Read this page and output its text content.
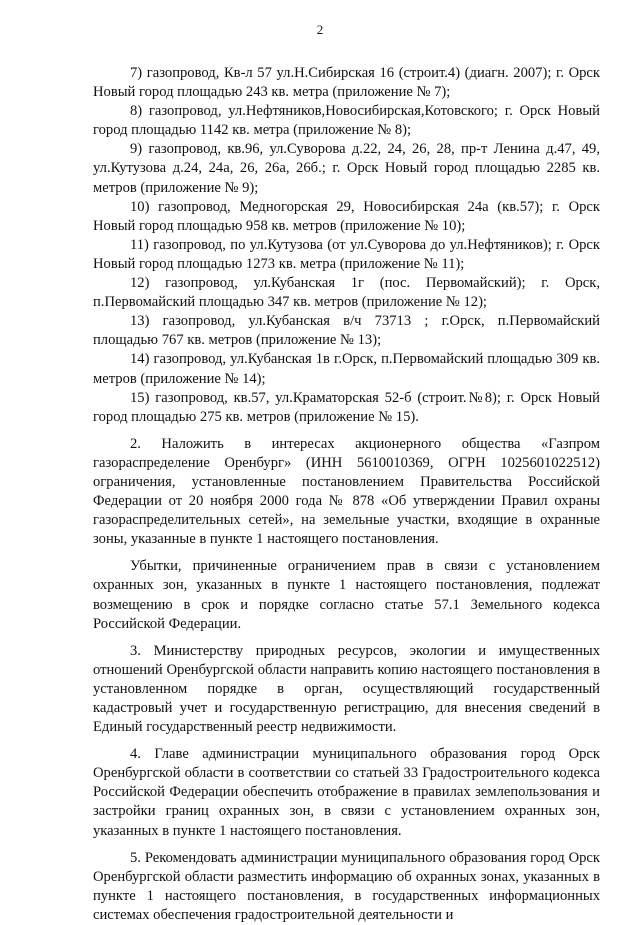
2

7) газопровод, Кв-л 57 ул.Н.Сибирская 16 (строит.4) (диагн. 2007); г. Орск Новый город площадью 243 кв. метра (приложение № 7);

8) газопровод, ул.Нефтяников,Новосибирская,Котовского; г. Орск Новый город площадью 1142 кв. метра (приложение № 8);

9) газопровод, кв.96, ул.Суворова д.22, 24, 26, 28, пр-т Ленина д.47, 49, ул.Кутузова д.24, 24а, 26, 26а, 26б.; г. Орск Новый город площадью 2285 кв. метров (приложение № 9);

10) газопровод, Медногорская 29, Новосибирская 24а (кв.57); г. Орск Новый город площадью 958 кв. метров (приложение № 10);

11) газопровод, по ул.Кутузова (от ул.Суворова до ул.Нефтяников); г. Орск Новый город площадью 1273 кв. метра (приложение № 11);

12) газопровод, ул.Кубанская 1г (пос. Первомайский); г. Орск, п.Первомайский площадью 347 кв. метров (приложение № 12);

13) газопровод, ул.Кубанская в/ч 73713 ; г.Орск, п.Первомайский площадью 767 кв. метров (приложение № 13);

14) газопровод, ул.Кубанская 1в г.Орск, п.Первомайский площадью 309 кв. метров (приложение № 14);

15) газопровод, кв.57, ул.Краматорская 52-б (строит.№8); г. Орск Новый город площадью 275 кв. метров (приложение № 15).

2. Наложить в интересах акционерного общества «Газпром газораспределение Оренбург» (ИНН 5610010369, ОГРН 1025601022512) ограничения, установленные постановлением Правительства Российской Федерации от 20 ноября 2000 года № 878 «Об утверждении Правил охраны газораспределительных сетей», на земельные участки, входящие в охранные зоны, указанные в пункте 1 настоящего постановления.

Убытки, причиненные ограничением прав в связи с установлением охранных зон, указанных в пункте 1 настоящего постановления, подлежат возмещению в срок и порядке согласно статье 57.1 Земельного кодекса Российской Федерации.

3. Министерству природных ресурсов, экологии и имущественных отношений Оренбургской области направить копию настоящего постановления в установленном порядке в орган, осуществляющий государственный кадастровый учет и государственную регистрацию, для внесения сведений в Единый государственный реестр недвижимости.

4. Главе администрации муниципального образования город Орск Оренбургской области в соответствии со статьей 33 Градостроительного кодекса Российской Федерации обеспечить отображение в правилах землепользования и застройки границ охранных зон, в связи с установлением охранных зон, указанных в пункте 1 настоящего постановления.

5. Рекомендовать администрации муниципального образования город Орск Оренбургской области разместить информацию об охранных зонах, указанных в пункте 1 настоящего постановления, в государственных информационных системах обеспечения градостроительной деятельности и
